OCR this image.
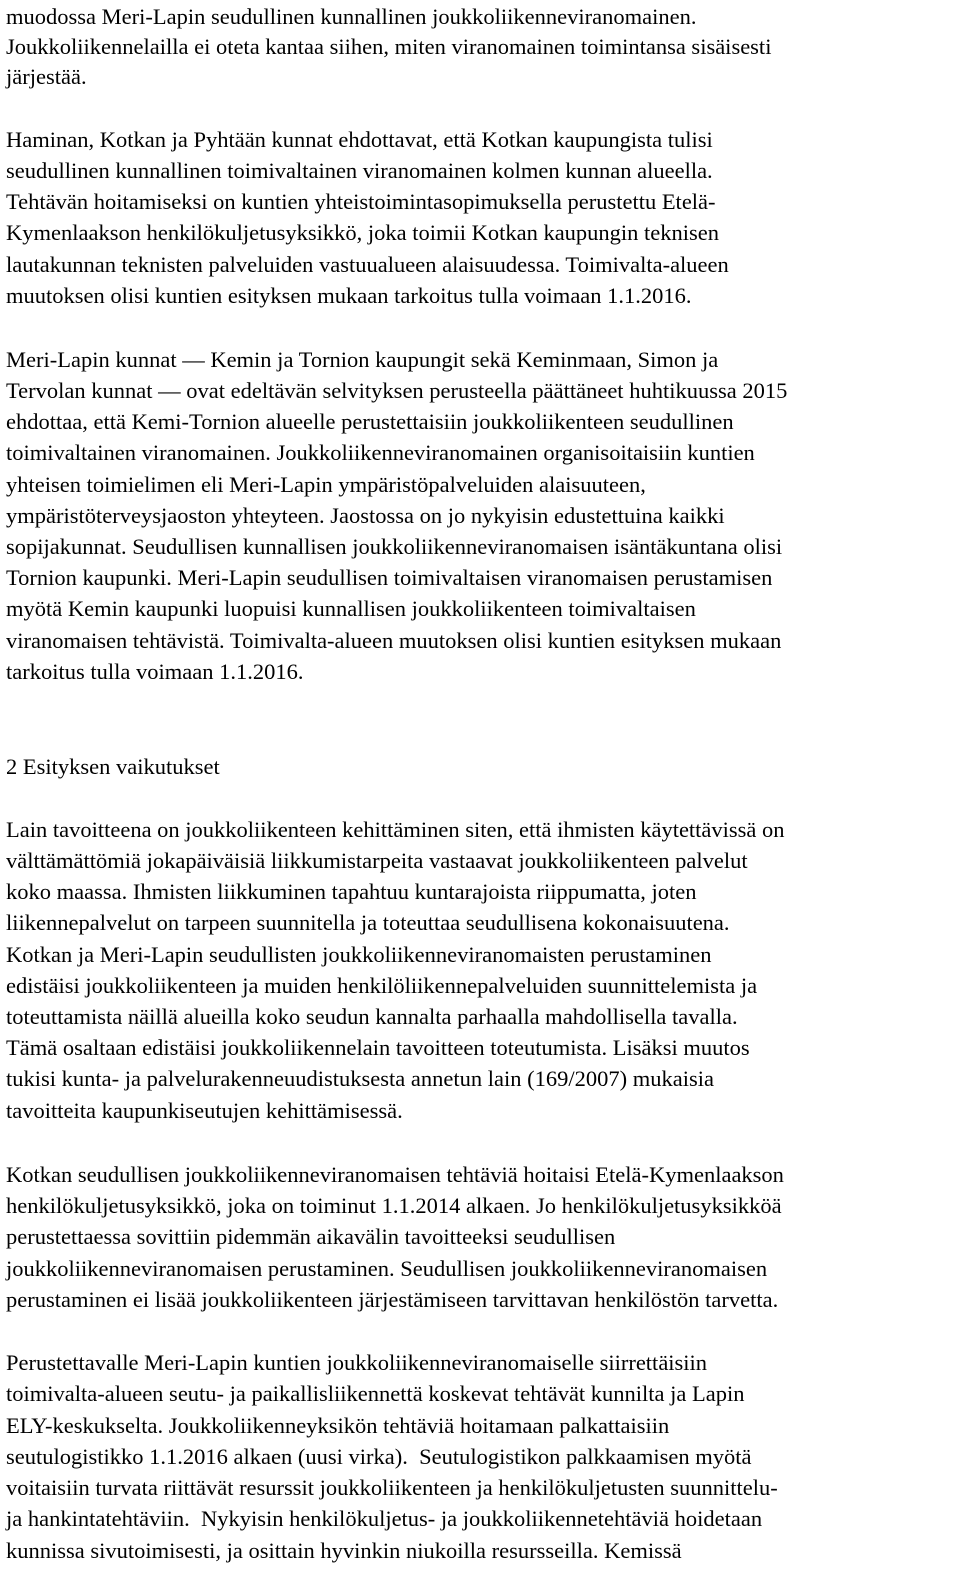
muodossa Meri-Lapin seudullinen kunnallinen joukkoliikenneviranomainen.

Joukkoliikennelailla ei oteta kantaa siihen, miten viranomainen toimintansa sisäisesti

järjestää.

Haminan, Kotkan ja Pyhtään kunnat ehdottavat, että Kotkan kaupungista tulisi

seudullinen kunnallinen toimivaltainen viranomainen kolmen kunnan alueella.

Tehtävän hoitamiseksi on kuntien yhteistoimintasopimuksella perustettu Etelä-

Kymenlaakson henkilökuljetusyksikkö, joka toimii Kotkan kaupungin teknisen

lautakunnan teknisten palveluiden vastuualueen alaisuudessa. Toimivalta-alueen

muutoksen olisi kuntien esityksen mukaan tarkoitus tulla voimaan 1.1.2016.

Meri-Lapin kunnat ― Kemin ja Tornion kaupungit sekä Keminmaan, Simon ja

Tervolan kunnat ― ovat edeltävän selvityksen perusteella päättäneet huhtikuussa 2015

ehdottaa, että Kemi-Tornion alueelle perustettaisiin joukkoliikenteen seudullinen

toimivaltainen viranomainen. Joukkoliikenneviranomainen organisoitaisiin kuntien

yhteisen toimielimen eli Meri-Lapin ympäristöpalveluiden alaisuuteen,

ympäristöterveysjaoston yhteyteen. Jaostossa on jo nykyisin edustettuina kaikki

sopijakunnat. Seudullisen kunnallisen joukkoliikenneviranomaisen isäntäkuntana olisi

Tornion kaupunki. Meri-Lapin seudullisen toimivaltaisen viranomaisen perustamisen

myötä Kemin kaupunki luopuisi kunnallisen joukkoliikenteen toimivaltaisen

viranomaisen tehtävistä. Toimivalta-alueen muutoksen olisi kuntien esityksen mukaan

tarkoitus tulla voimaan 1.1.2016.

2 Esityksen vaikutukset

Lain tavoitteena on joukkoliikenteen kehittäminen siten, että ihmisten käytettävissä on

välttämättömiä jokapäiväisiä liikkumistarpeita vastaavat joukkoliikenteen palvelut

koko maassa. Ihmisten liikkuminen tapahtuu kuntarajoista riippumatta, joten

liikennepalvelut on tarpeen suunnitella ja toteuttaa seudullisena kokonaisuutena.

Kotkan ja Meri-Lapin seudullisten joukkoliikenneviranomaisten perustaminen

edistäisi joukkoliikenteen ja muiden henkilöliikennepalveluiden suunnittelemista ja

toteuttamista näillä alueilla koko seudun kannalta parhaalla mahdollisella tavalla.

Tämä osaltaan edistäisi joukkoliikennelain tavoitteen toteutumista. Lisäksi muutos

tukisi kunta- ja palvelurakenneuudistuksesta annetun lain (169/2007) mukaisia

tavoitteita kaupunkiseutujen kehittämisessä.

Kotkan seudullisen joukkoliikenneviranomaisen tehtäviä hoitaisi Etelä-Kymenlaakson

henkilökuljetusyksikkö, joka on toiminut 1.1.2014 alkaen. Jo henkilökuljetusyksikköä

perustettaessa sovittiin pidemmän aikavälin tavoitteeksi seudullisen

joukkoliikenneviranomaisen perustaminen. Seudullisen joukkoliikenneviranomaisen

perustaminen ei lisää joukkoliikenteen järjestämiseen tarvittavan henkilöstön tarvetta.

Perustettavalle Meri-Lapin kuntien joukkoliikenneviranomaiselle siirrettäisiin

toimivalta-alueen seutu- ja paikallisliikennettä koskevat tehtävät kunnilta ja Lapin

ELY-keskukselta. Joukkoliikenneyksikön tehtäviä hoitamaan palkattaisiin

seutulogistikko 1.1.2016 alkaen (uusi virka).  Seutulogistikon palkkaamisen myötä

voitaisiin turvata riittävät resurssit joukkoliikenteen ja henkilökuljetusten suunnittelu-

ja hankintatehtäviin.  Nykyisin henkilökuljetus- ja joukkoliikennetehtäviä hoidetaan

kunnissa sivutoimisesti, ja osittain hyvinkin niukoilla resursseilla. Kemissä
